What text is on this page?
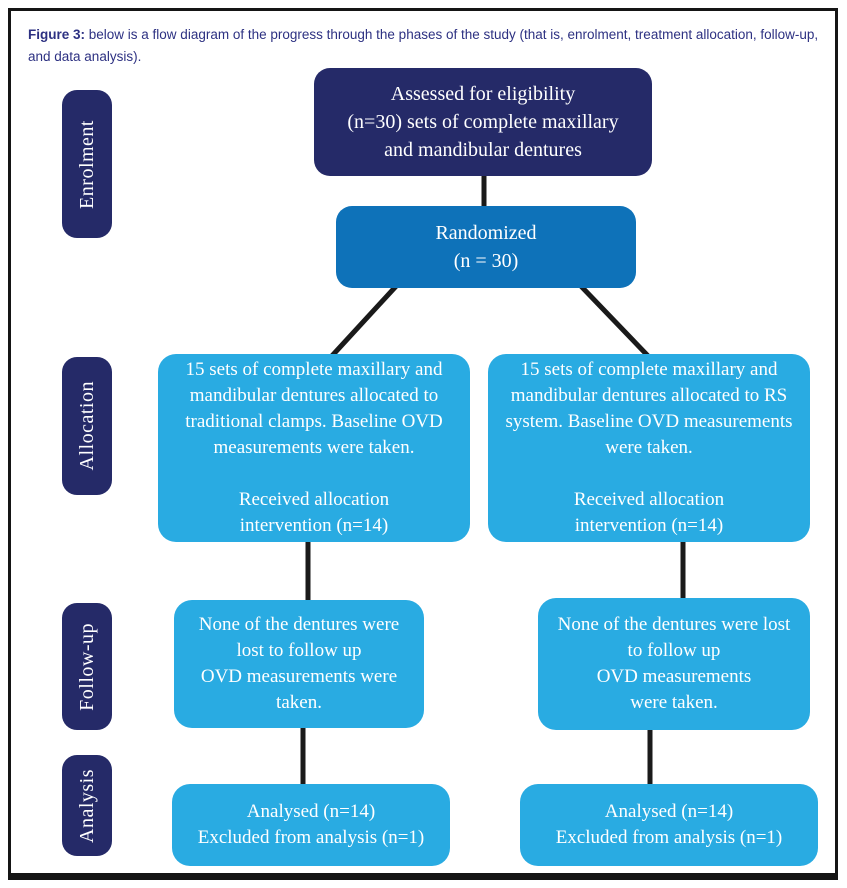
Figure 3: below is a flow diagram of the progress through the phases of the study (that is, enrolment, treatment allocation, follow-up,
and data analysis).

Enrolment
Allocation
Follow-up
Analysis
Assessed for eligibility
(n=30) sets of complete maxillary
and mandibular dentures
Randomized
(n = 30)
15 sets of complete maxillary and
mandibular dentures allocated to
traditional clamps. Baseline OVD
measurements were taken.
Received allocation
intervention (n=14)
15 sets of complete maxillary and
mandibular dentures allocated to RS
system. Baseline OVD measurements
were taken.
Received allocation
intervention (n=14)
None of the dentures were
lost to follow up
OVD measurements were
taken.
None of the dentures were lost
to follow up
OVD measurements
were taken.
Analysed (n=14)
Excluded from analysis (n=1)
Analysed (n=14)
Excluded from analysis (n=1)
